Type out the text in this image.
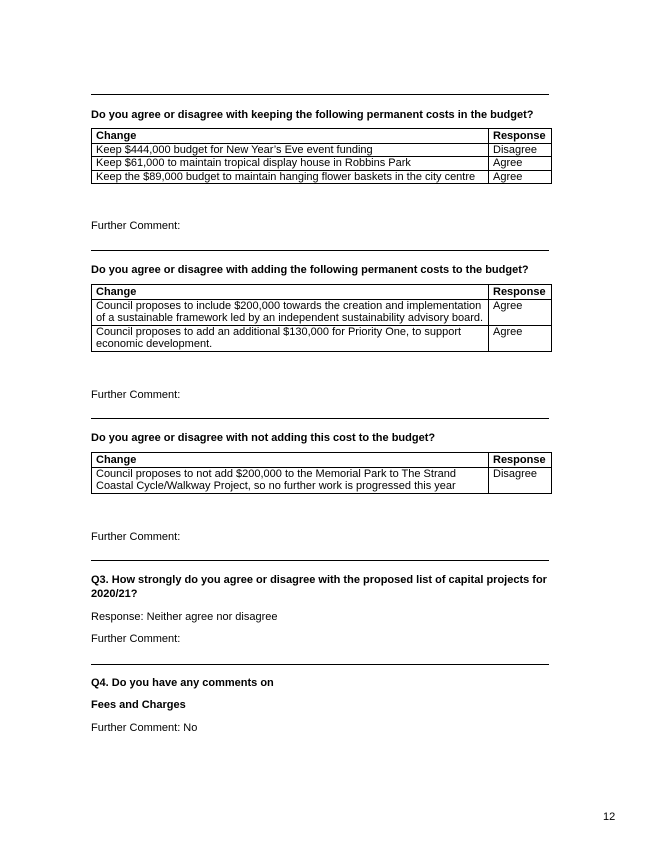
Do you agree or disagree with keeping the following permanent costs in the budget?
Change	Response
Keep $444,000 budget for New Year’s Eve event funding	Disagree
Keep $61,000 to maintain tropical display house in Robbins Park	Agree
Keep the $89,000 budget to maintain hanging flower baskets in the city centre	Agree
Further Comment:
Do you agree or disagree with adding the following permanent costs to the budget?
Change	Response
Council proposes to include $200,000 towards the creation and implementation of a sustainable framework led by an independent sustainability advisory board.	Agree
Council proposes to add an additional $130,000 for Priority One, to support economic development.	Agree
Further Comment:
Do you agree or disagree with not adding this cost to the budget?
Change	Response
Council proposes to not add $200,000 to the Memorial Park to The Strand Coastal Cycle/Walkway Project, so no further work is progressed this year	Disagree
Further Comment:
Q3. How strongly do you agree or disagree with the proposed list of capital projects for 2020/21?
Response: Neither agree nor disagree
Further Comment:
Q4. Do you have any comments on
Fees and Charges
Further Comment: No
12
